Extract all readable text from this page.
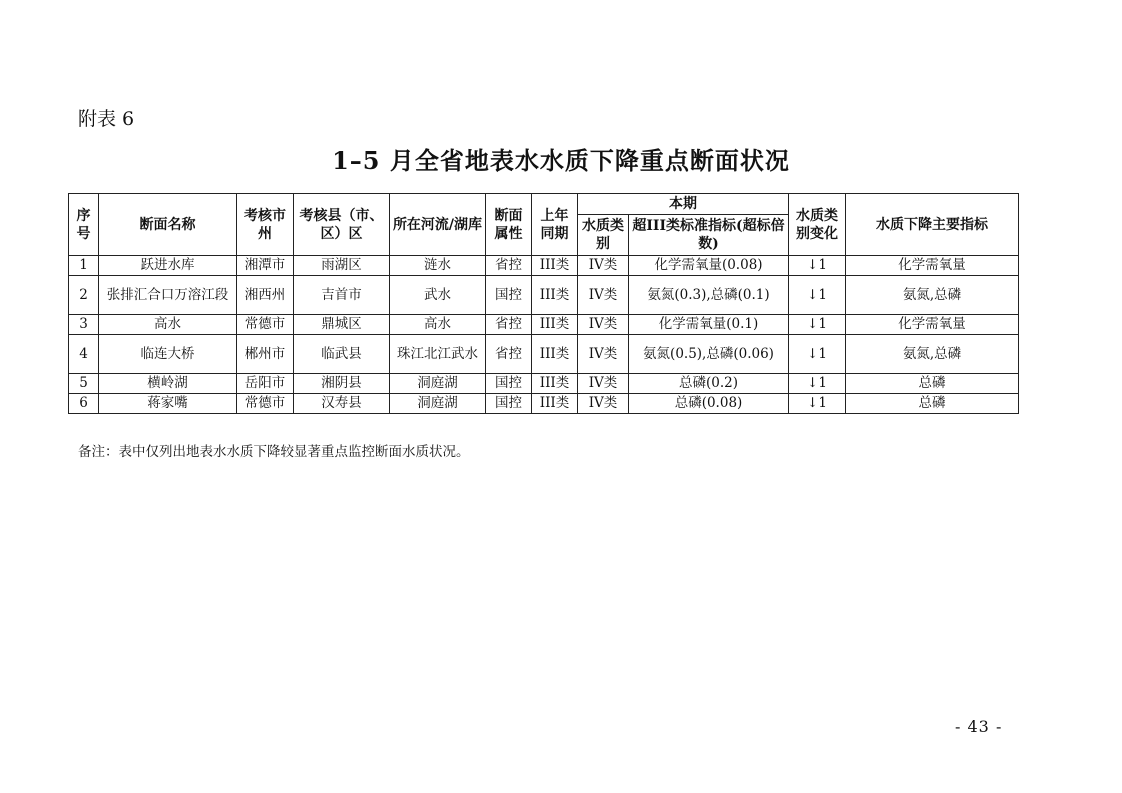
附表 6
1–5 月全省地表水水质下降重点断面状况
序号	断面名称	考核市州	考核县（市、区）区	所在河流/湖库	断面属性	上年同期	本期		水质类别变化	水质下降主要指标
							水质类别	超III类标准指标(超标倍数)		
1	跃进水库	湘潭市	雨湖区	涟水	省控	III类	IV类	化学需氧量(0.08)	↓1	化学需氧量
2	张排汇合口万溶江段	湘西州	吉首市	武水	国控	III类	IV类	氨氮(0.3),总磷(0.1)	↓1	氨氮,总磷
3	高水	常德市	鼎城区	高水	省控	III类	IV类	化学需氧量(0.1)	↓1	化学需氧量
4	临连大桥	郴州市	临武县	珠江北江武水	省控	III类	IV类	氨氮(0.5),总磷(0.06)	↓1	氨氮,总磷
5	横岭湖	岳阳市	湘阴县	洞庭湖	国控	III类	IV类	总磷(0.2)	↓1	总磷
6	蒋家嘴	常德市	汉寿县	洞庭湖	国控	III类	IV类	总磷(0.08)	↓1	总磷
备注：表中仅列出地表水水质下降较显著重点监控断面水质状况。
- 43 -
